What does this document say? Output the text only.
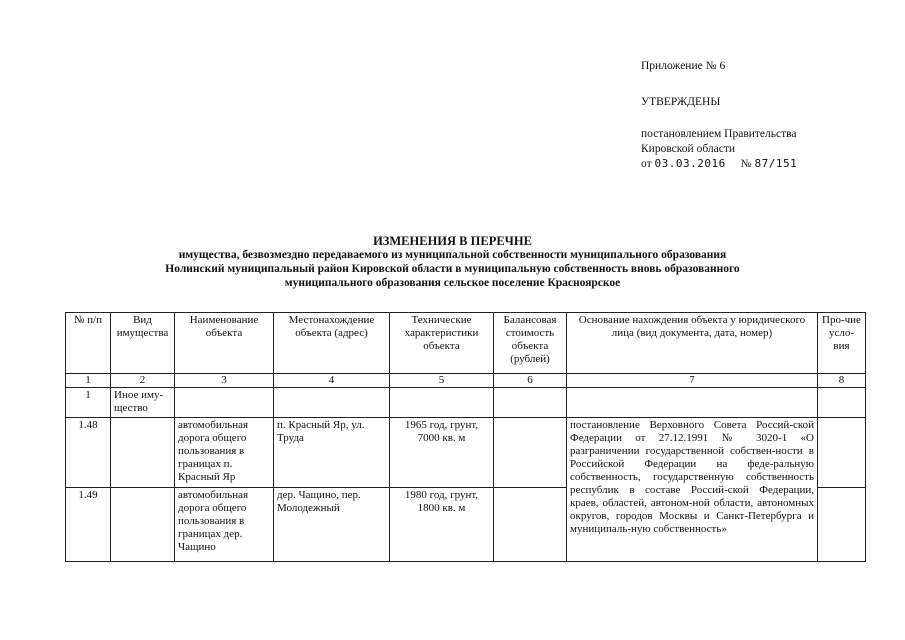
Приложение № 6
УТВЕРЖДЕНЫ
постановлением Правительства
Кировской области
от 03.03.2016 № 87/151
ИЗМЕНЕНИЯ В ПЕРЕЧНЕ
имущества, безвозмездно передаваемого из муниципальной собственности муниципального образования
Нолинский муниципальный район Кировской области в муниципальную собственность вновь образованного
муниципального образования сельское поселение Красноярское
№ п/п	Вид имущества	Наименование объекта	Местонахождение объекта (адрес)	Технические характеристики объекта	Балансовая стоимость объекта (рублей)	Основание нахождения объекта у юридического лица (вид документа, дата, номер)	Про-чие усло-вия
1	2	3	4	5	6	7	8
1	Иное иму-щество						
1.48		автомобильная дорога общего пользования в границах п. Красный Яр	п. Красный Яр, ул. Труда	1965 год, грунт, 7000 кв. м		постановление Верховного Совета Россий-ской Федерации от 27.12.1991 № 3020-1 «О разграничении государственной собствен-ности в Российской Федерации на феде-ральную собственность, государственную собственность республик в составе Россий-ской Федерации, краев, областей, автоном-ной области, автономных округов, городов Москвы и Санкт-Петербурга и муниципаль-ную собственность»	
1.49		автомобильная дорога общего пользования в границах дер. Чащино	дер. Чащино, пер. Молодежный	1980 год, грунт, 1800 кв. м			
